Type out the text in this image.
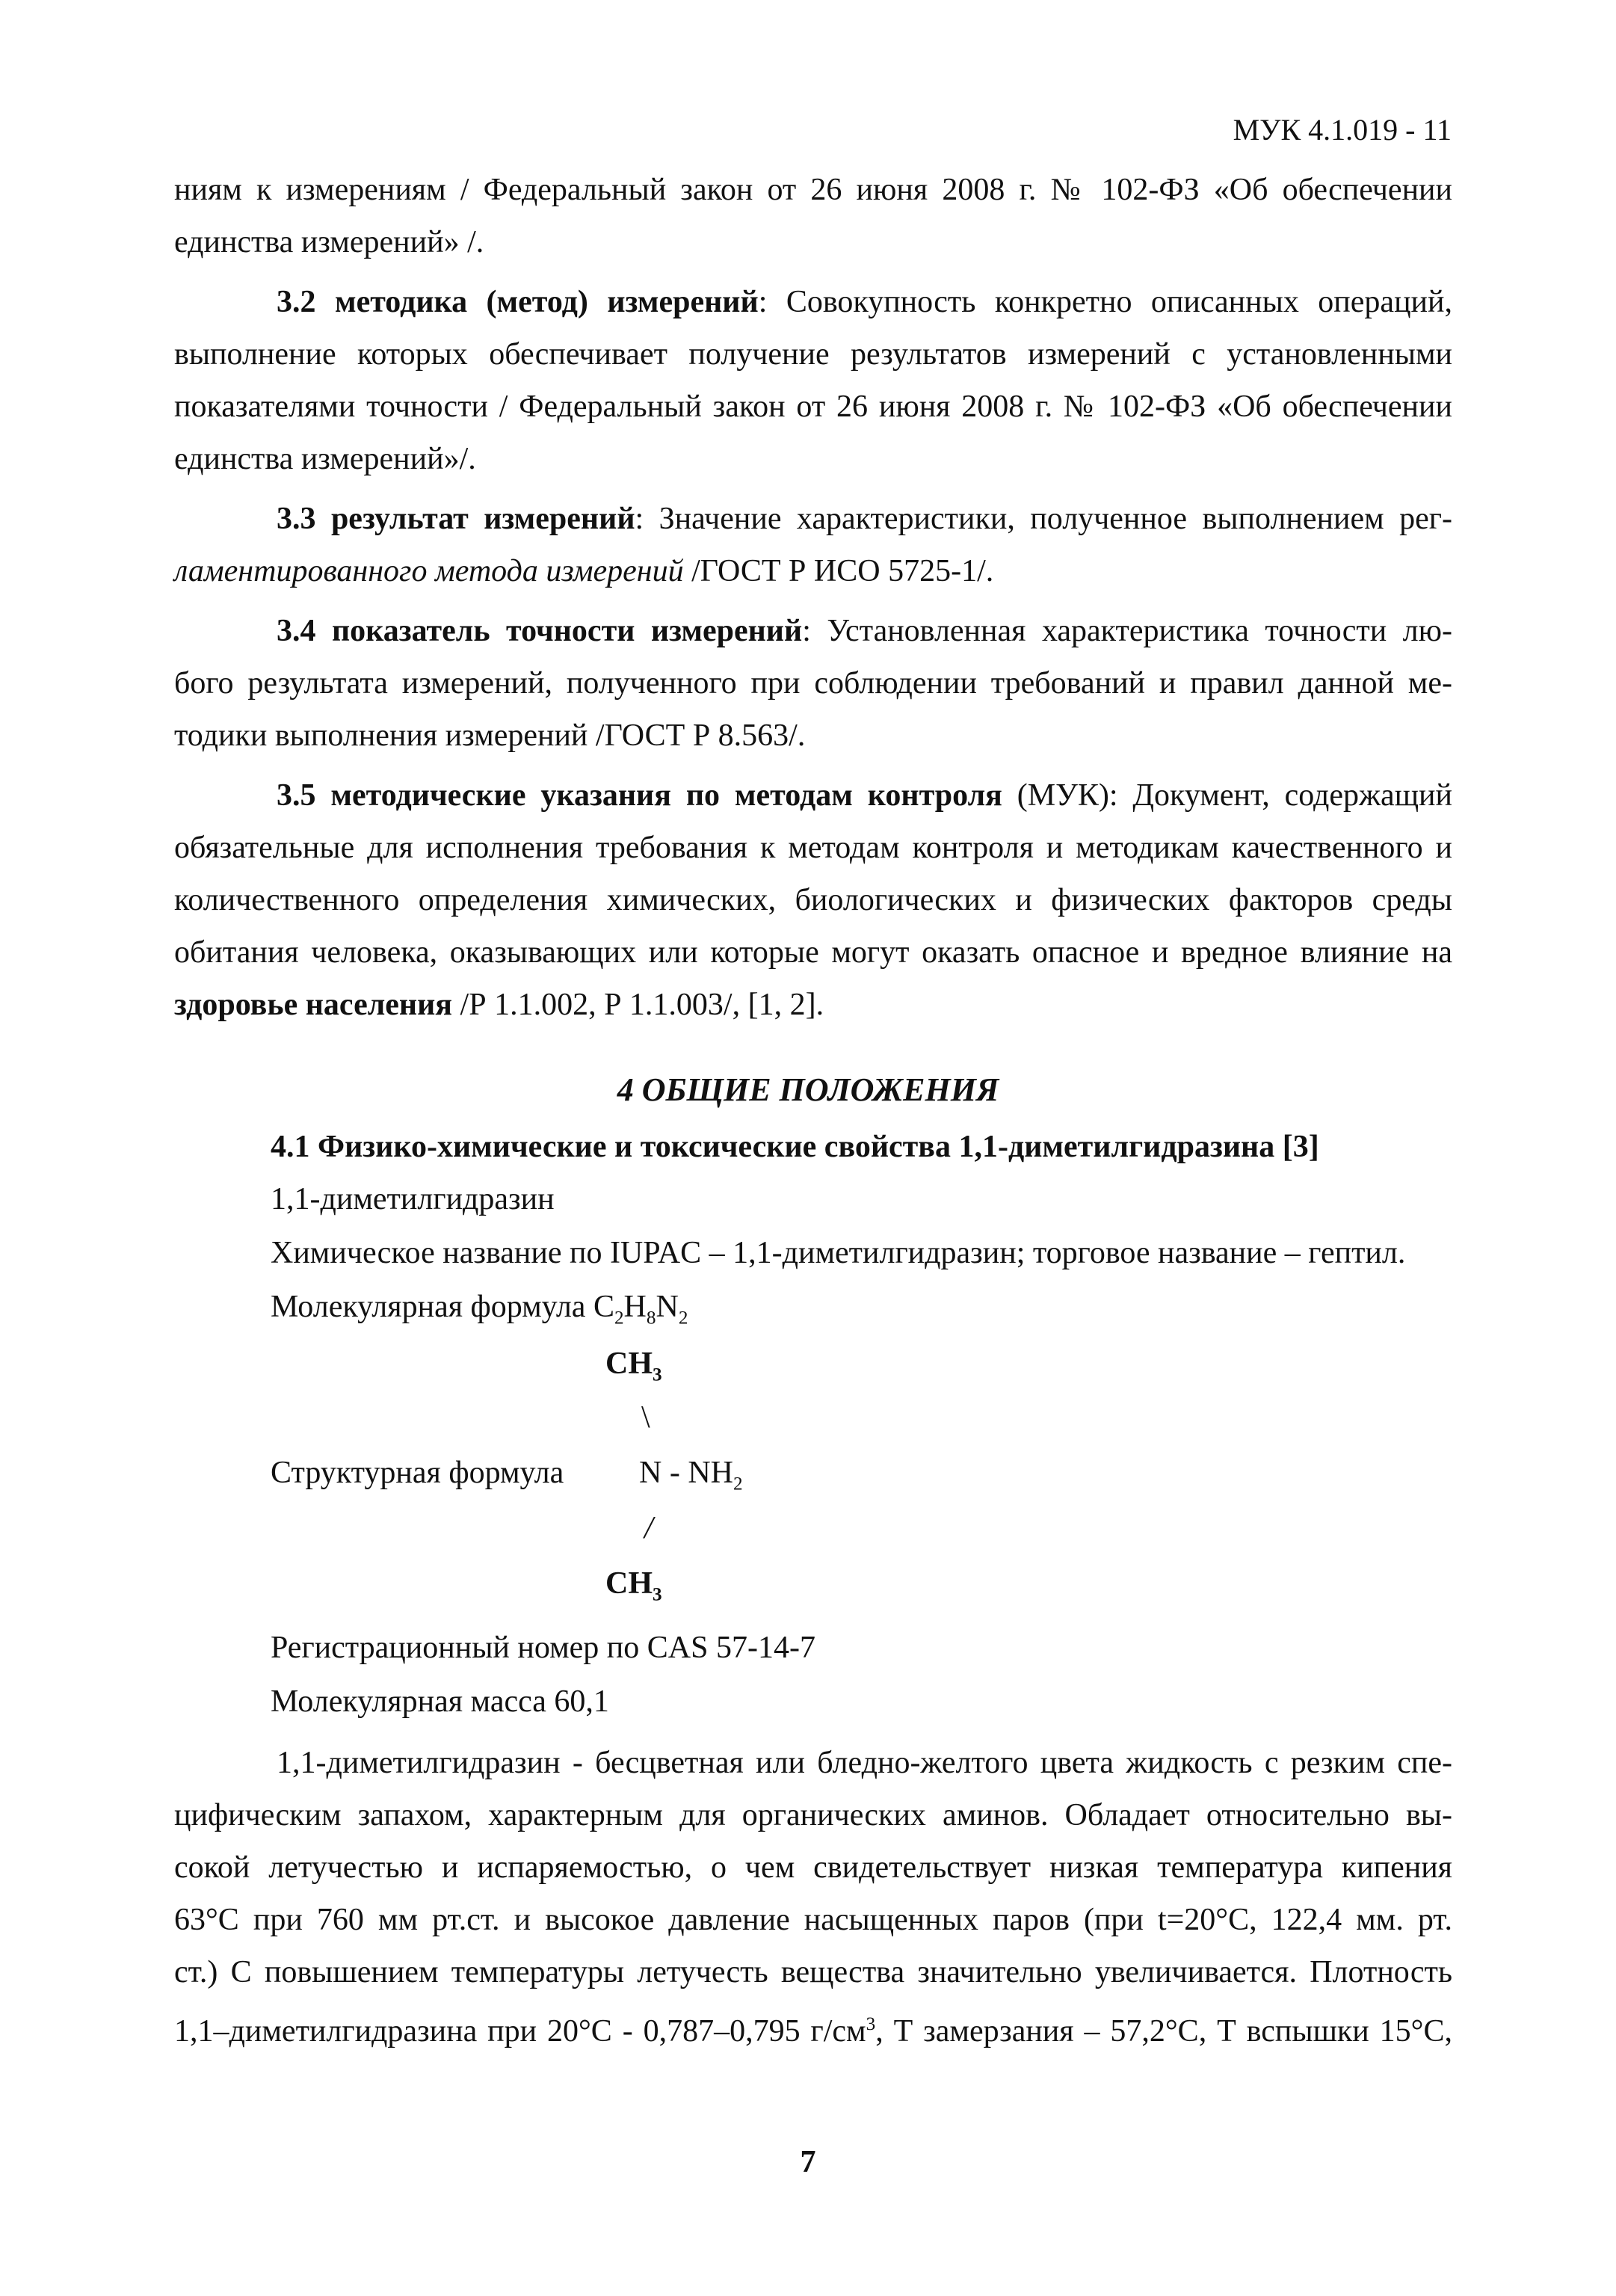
МУК 4.1.019 - 11
ниям к измерениям / Федеральный закон от 26 июня 2008 г. № 102-ФЗ «Об обеспечении
единства измерений» /.
3.2 методика (метод) измерений: Совокупность конкретно описанных операций,
выполнение которых обеспечивает получение результатов измерений с установленными
показателями точности / Федеральный закон от 26 июня 2008 г. № 102-ФЗ «Об обеспечении
единства измерений»/.
3.3 результат измерений: Значение характеристики, полученное выполнением рег-
ламентированного метода измерений /ГОСТ Р ИСО 5725-1/.
3.4 показатель точности измерений: Установленная характеристика точности лю-
бого результата измерений, полученного при соблюдении требований и правил данной ме-
тодики выполнения измерений /ГОСТ Р 8.563/.
3.5 методические указания по методам контроля (МУК): Документ, содержащий
обязательные для исполнения требования к методам контроля и методикам качественного и
количественного определения химических, биологических и физических факторов среды
обитания человека, оказывающих или которые могут оказать опасное и вредное влияние на
здоровье населения /Р 1.1.002, Р 1.1.003/, [1, 2].
4 ОБЩИЕ ПОЛОЖЕНИЯ
4.1 Физико-химические и токсические свойства 1,1-диметилгидразина [3]
1,1-диметилгидразин
Химическое название по IUPAC – 1,1-диметилгидразин; торговое название – гептил.
Молекулярная формула $C_2H_8N_2$
$CH_3$
\
Структурная формула N - $NH_2$
/
$CH_3$
Регистрационный номер по CAS 57-14-7
Молекулярная масса 60,1
1,1-диметилгидразин - бесцветная или бледно-желтого цвета жидкость с резким спе-
цифическим запахом, характерным для органических аминов. Обладает относительно вы-
сокой летучестью и испаряемостью, о чем свидетельствует низкая температура кипения
63°С при 760 мм рт.ст. и высокое давление насыщенных паров (при t=20°С, 122,4 мм. рт.
ст.) С повышением температуры летучесть вещества значительно увеличивается. Плотность
1,1–диметилгидразина при 20°С - 0,787–0,795 $г/см^3$, Т замерзания – 57,2°С, Т вспышки 15°С,
7
